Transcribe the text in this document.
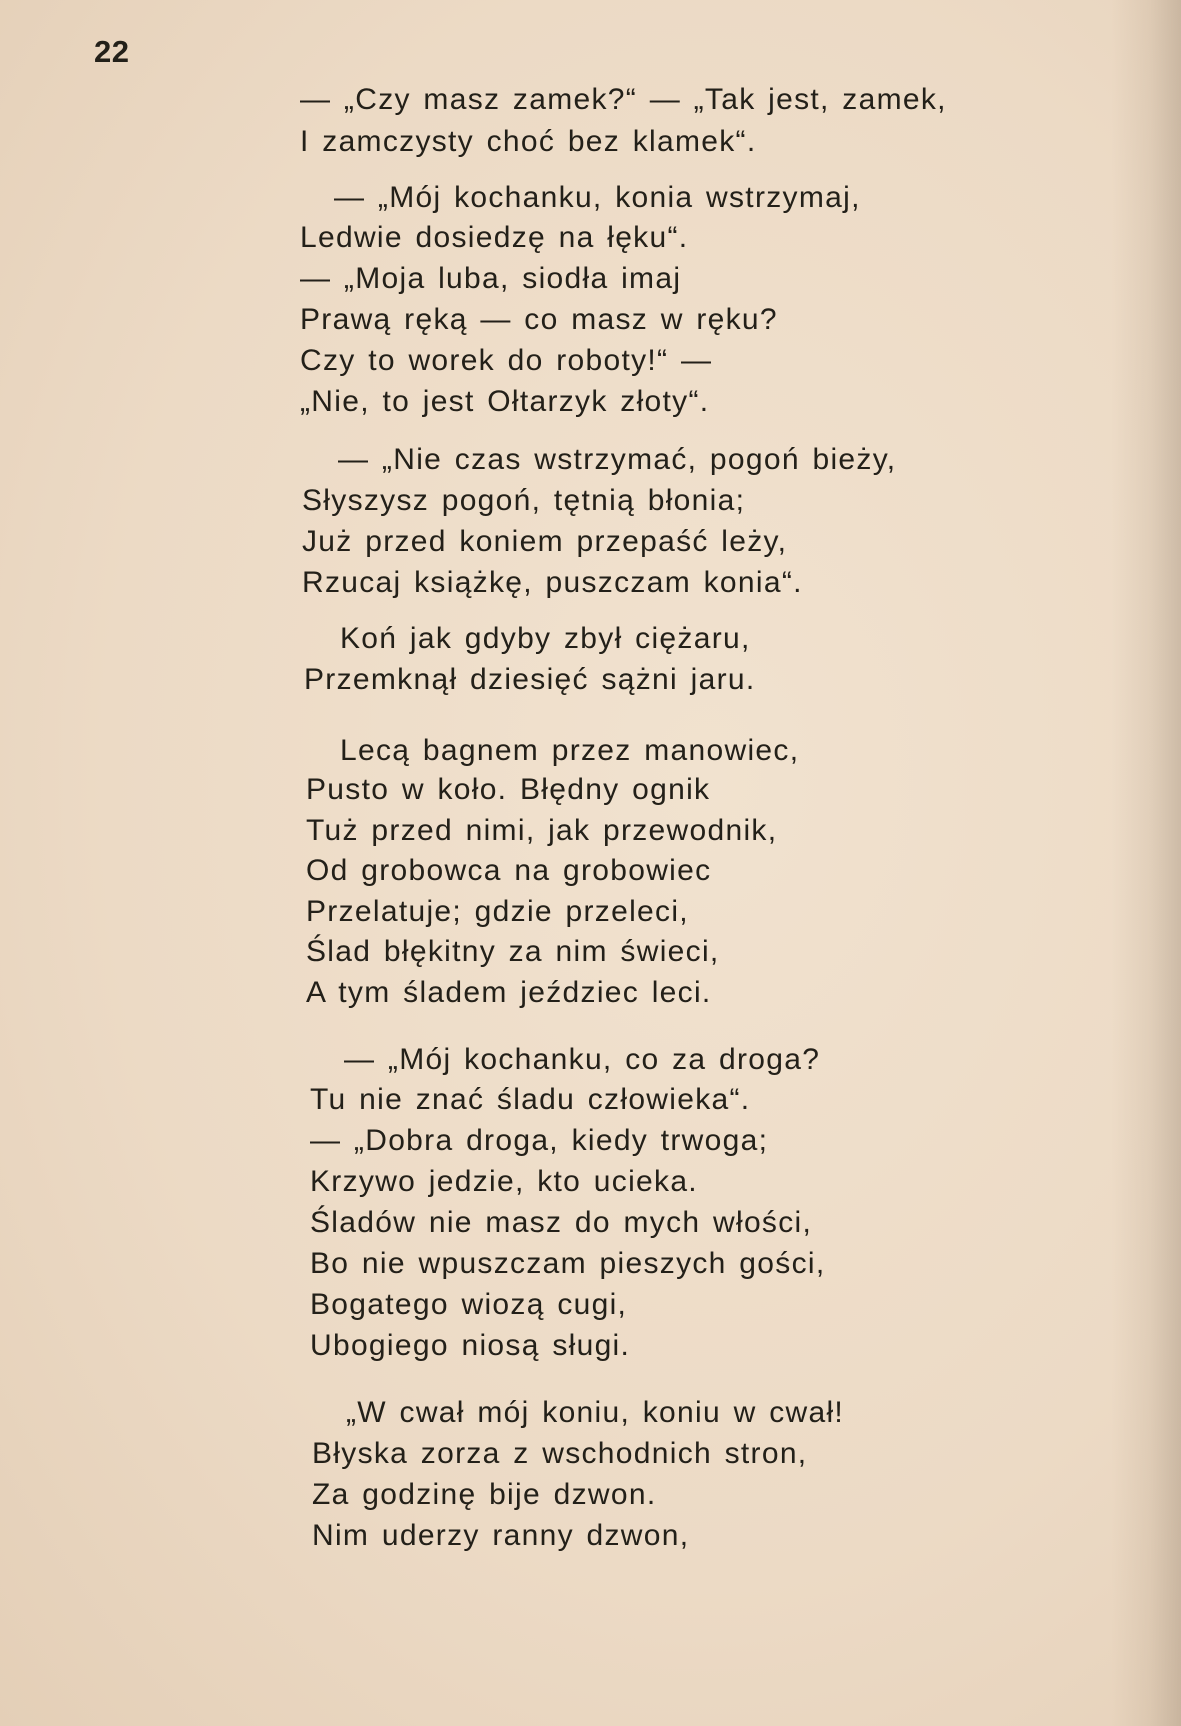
22
— „Czy masz zamek?“ — „Tak jest, zamek,
I zamczysty choć bez klamek“.
— „Mój kochanku, konia wstrzymaj,
Ledwie dosiedzę na łęku“.
— „Moja luba, siodła imaj
Prawą ręką — co masz w ręku?
Czy to worek do roboty!“ —
„Nie, to jest Ołtarzyk złoty“.
— „Nie czas wstrzymać, pogoń bieży,
Słyszysz pogoń, tętnią błonia;
Już przed koniem przepaść leży,
Rzucaj książkę, puszczam konia“.
Koń jak gdyby zbył ciężaru,
Przemknął dziesięć sążni jaru.
Lecą bagnem przez manowiec,
Pusto w koło. Błędny ognik
Tuż przed nimi, jak przewodnik,
Od grobowca na grobowiec
Przelatuje; gdzie przeleci,
Ślad błękitny za nim świeci,
A tym śladem jeździec leci.
— „Mój kochanku, co za droga?
Tu nie znać śladu człowieka“.
— „Dobra droga, kiedy trwoga;
Krzywo jedzie, kto ucieka.
Śladów nie masz do mych włości,
Bo nie wpuszczam pieszych gości,
Bogatego wiozą cugi,
Ubogiego niosą sługi.
„W cwał mój koniu, koniu w cwał!
Błyska zorza z wschodnich stron,
Za godzinę bije dzwon.
Nim uderzy ranny dzwon,
